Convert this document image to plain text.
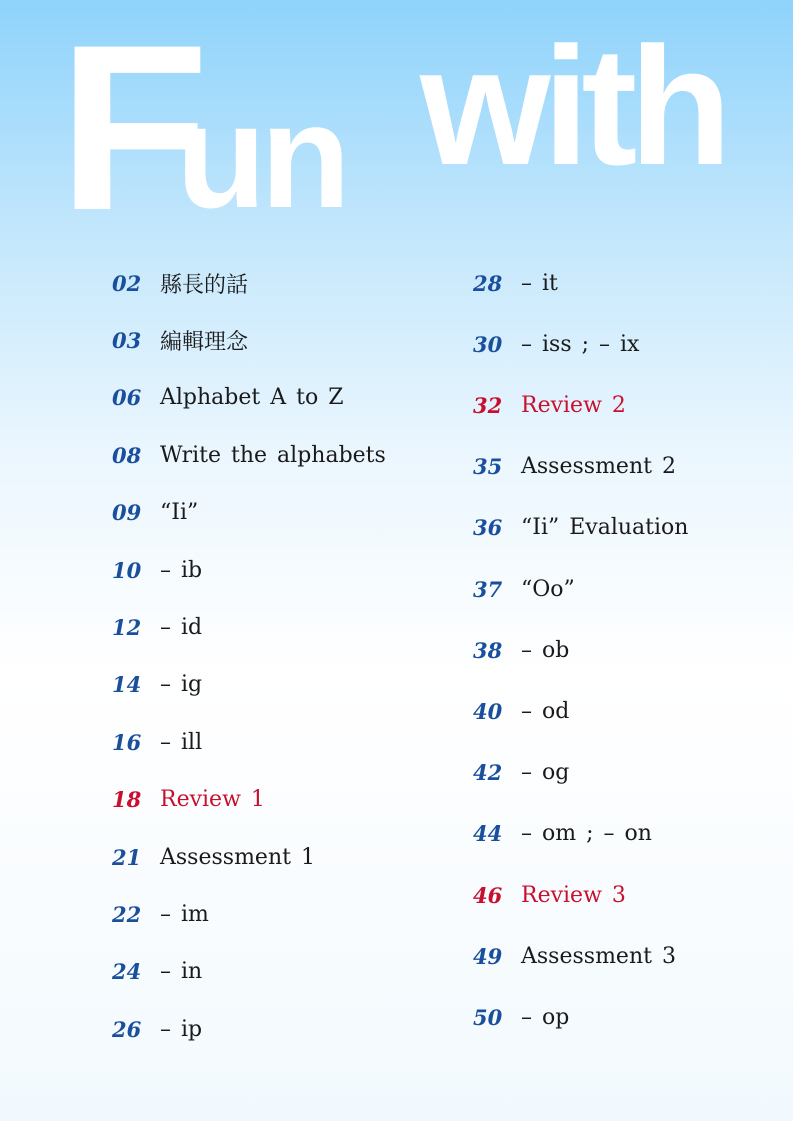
F
un with
02 縣長的話
03 編輯理念
06 Alphabet A to Z
08 Write the alphabets
09 “Ii”
10 – ib
12 – id
14 – ig
16 – ill
18 Review 1
21 Assessment 1
22 – im
24 – in
26 – ip
28 – it
30 – iss ; – ix
32 Review 2
35 Assessment 2
36 “Ii” Evaluation
37 “Oo”
38 – ob
40 – od
42 – og
44 – om ; – on
46 Review 3
49 Assessment 3
50 – op
